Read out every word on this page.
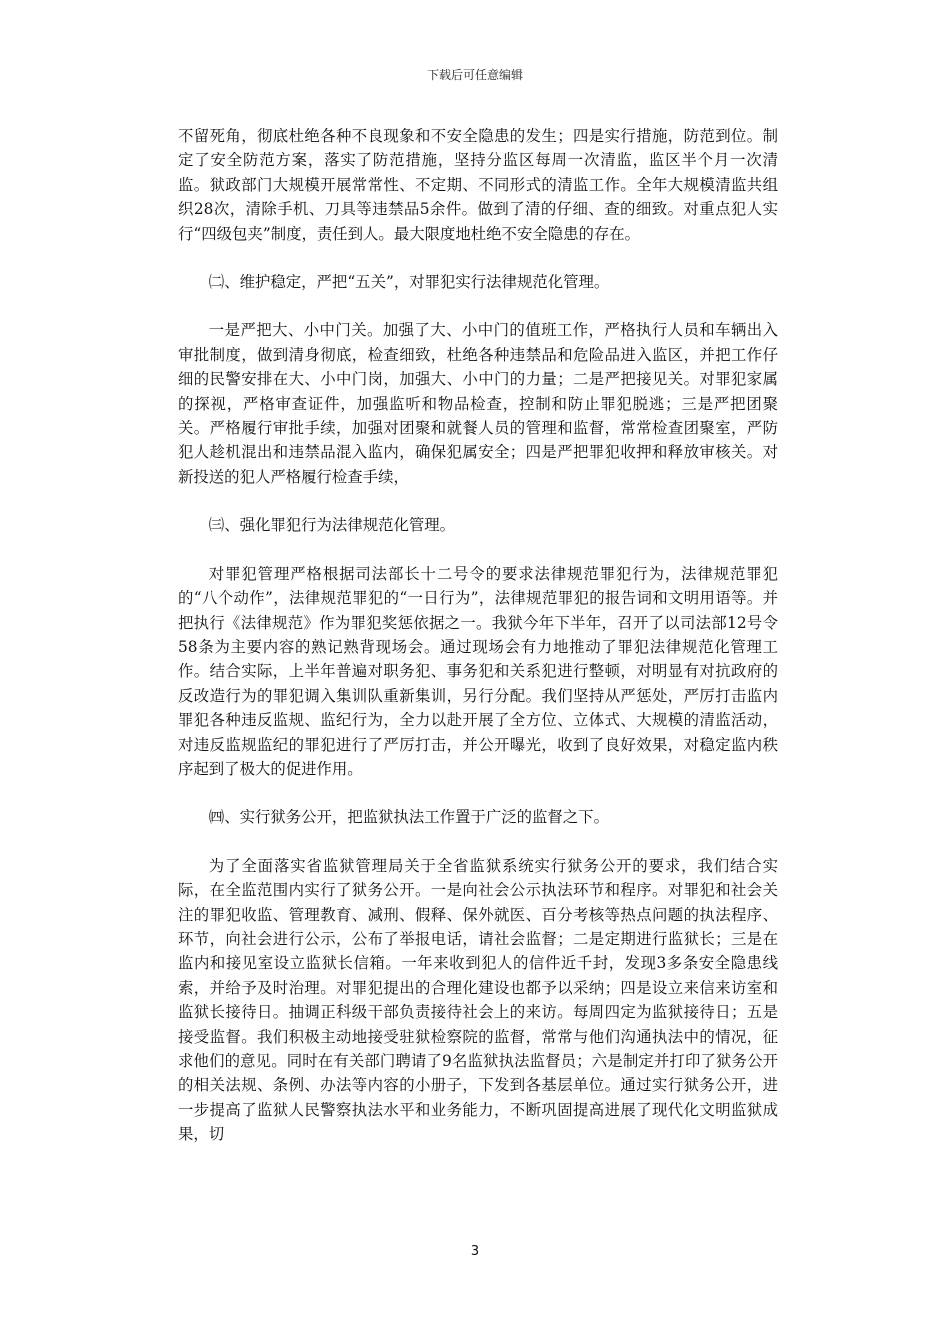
下载后可任意编辑

不留死角，彻底杜绝各种不良现象和不安全隐患的发生；四是实行措施，防范到位。制定了安全防范方案，落实了防范措施，坚持分监区每周一次清监，监区半个月一次清监。狱政部门大规模开展常常性、不定期、不同形式的清监工作。全年大规模清监共组织28次，清除手机、刀具等违禁品5余件。做到了清的仔细、查的细致。对重点犯人实行“四级包夹”制度，责任到人。最大限度地杜绝不安全隐患的存在。

㈡、维护稳定，严把“五关”，对罪犯实行法律规范化管理。

一是严把大、小中门关。加强了大、小中门的值班工作，严格执行人员和车辆出入审批制度，做到清身彻底，检查细致，杜绝各种违禁品和危险品进入监区，并把工作仔细的民警安排在大、小中门岗，加强大、小中门的力量；二是严把接见关。对罪犯家属的探视，严格审查证件，加强监听和物品检查，控制和防止罪犯脱逃；三是严把团聚关。严格履行审批手续，加强对团聚和就餐人员的管理和监督，常常检查团聚室，严防犯人趁机混出和违禁品混入监内，确保犯属安全；四是严把罪犯收押和释放审核关。对新投送的犯人严格履行检查手续，

㈢、强化罪犯行为法律规范化管理。

对罪犯管理严格根据司法部长十二号令的要求法律规范罪犯行为，法律规范罪犯的“八个动作”，法律规范罪犯的“一日行为”，法律规范罪犯的报告词和文明用语等。并把执行《法律规范》作为罪犯奖惩依据之一。我狱今年下半年，召开了以司法部12号令58条为主要内容的熟记熟背现场会。通过现场会有力地推动了罪犯法律规范化管理工作。结合实际，上半年普遍对职务犯、事务犯和关系犯进行整顿，对明显有对抗政府的反改造行为的罪犯调入集训队重新集训，另行分配。我们坚持从严惩处，严厉打击监内罪犯各种违反监规、监纪行为，全力以赴开展了全方位、立体式、大规模的清监活动，对违反监规监纪的罪犯进行了严厉打击，并公开曝光，收到了良好效果，对稳定监内秩序起到了极大的促进作用。

㈣、实行狱务公开，把监狱执法工作置于广泛的监督之下。

为了全面落实省监狱管理局关于全省监狱系统实行狱务公开的要求，我们结合实际，在全监范围内实行了狱务公开。一是向社会公示执法环节和程序。对罪犯和社会关注的罪犯收监、管理教育、减刑、假释、保外就医、百分考核等热点问题的执法程序、环节，向社会进行公示，公布了举报电话，请社会监督；二是定期进行监狱长；三是在监内和接见室设立监狱长信箱。一年来收到犯人的信件近千封，发现3多条安全隐患线索，并给予及时治理。对罪犯提出的合理化建设也都予以采纳；四是设立来信来访室和监狱长接待日。抽调正科级干部负责接待社会上的来访。每周四定为监狱接待日；五是接受监督。我们积极主动地接受驻狱检察院的监督，常常与他们沟通执法中的情况，征求他们的意见。同时在有关部门聘请了9名监狱执法监督员；六是制定并打印了狱务公开的相关法规、条例、办法等内容的小册子，下发到各基层单位。通过实行狱务公开，进一步提高了监狱人民警察执法水平和业务能力，不断巩固提高进展了现代化文明监狱成果，切

3
